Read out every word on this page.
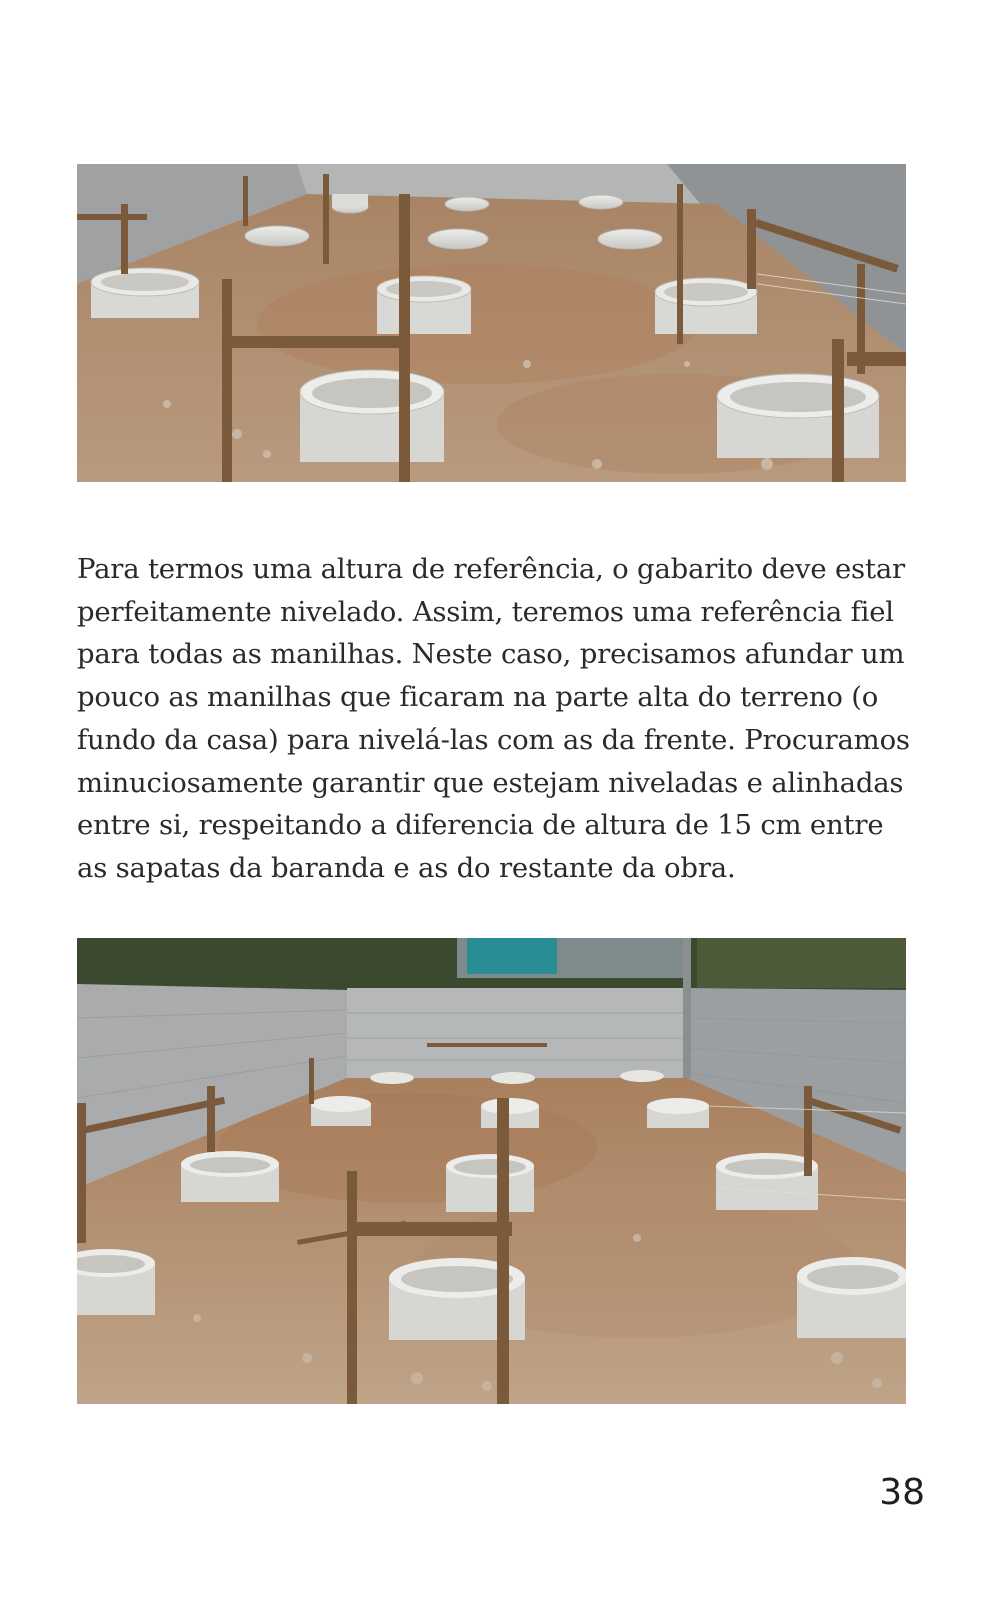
Para termos uma altura de referência, o gabarito deve estar
perfeitamente nivelado. Assim, teremos uma referência fiel
para todas as manilhas. Neste caso, precisamos afundar um
pouco as manilhas que ficaram na parte alta do terreno (o
fundo da casa) para nivelá-las com as da frente. Procuramos
minuciosamente garantir que estejam niveladas e alinhadas
entre si, respeitando a diferencia de altura de 15 cm entre
as sapatas da baranda e as do restante da obra.

38
